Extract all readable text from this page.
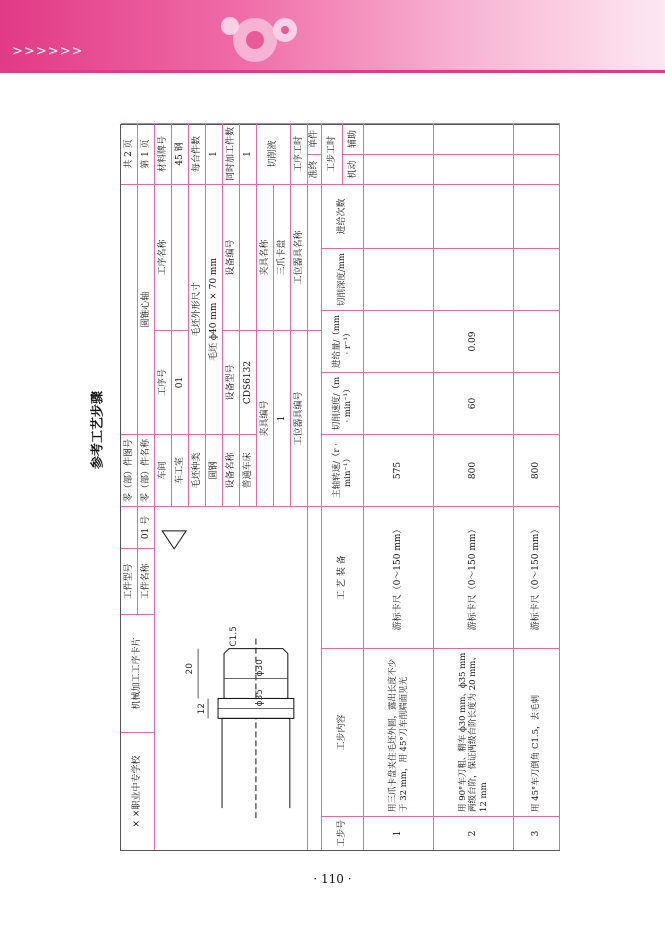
>>>>>>
参考工艺步骤
× ×职业中专学校
机械加工工序卡片
工件型号 工件名称
01 号
零（部）件图号 零（部）件名称
圆锥心轴
共 2 页 第 1 页
20
12
ϕ30
ϕ35
C1.5
车间
工序号
工序名称
材料牌号
车工室
01
45 钢
毛坯种类
毛坯外形尺寸
每台件数
圆钢
毛坯 ϕ40 mm × 70 mm
1
设备名称
设备型号
设备编号
同时加工件数
普通车床
CDS6132
1
夹具编号
夹具名称
切削液
1
三爪卡盘
工位器具编号
工位器具名称
工序工时 准终
单件
工步号
工步内容
工 艺 装 备
主轴转速/（r · min⁻¹）
切削速度/（m · min⁻¹）
进给量/（mm · r⁻¹）
切削深度/mm
进给次数
工步工时	机动
辅助
1
用三爪卡盘夹住毛坯外圆，露出长度不少于 32 mm，用 45°刀车削端面见光
游标卡尺（0～150 mm）
575
2
用 90°车刀粗、精车 ϕ30 mm、ϕ35 mm 两级台阶，保证两级台阶长度为 20 mm、12 mm
游标卡尺（0～150 mm）
800
60
0.09
3
用 45°车刀倒角 C1.5，去毛刺
游标卡尺（0～150 mm）
800
· 110 ·
